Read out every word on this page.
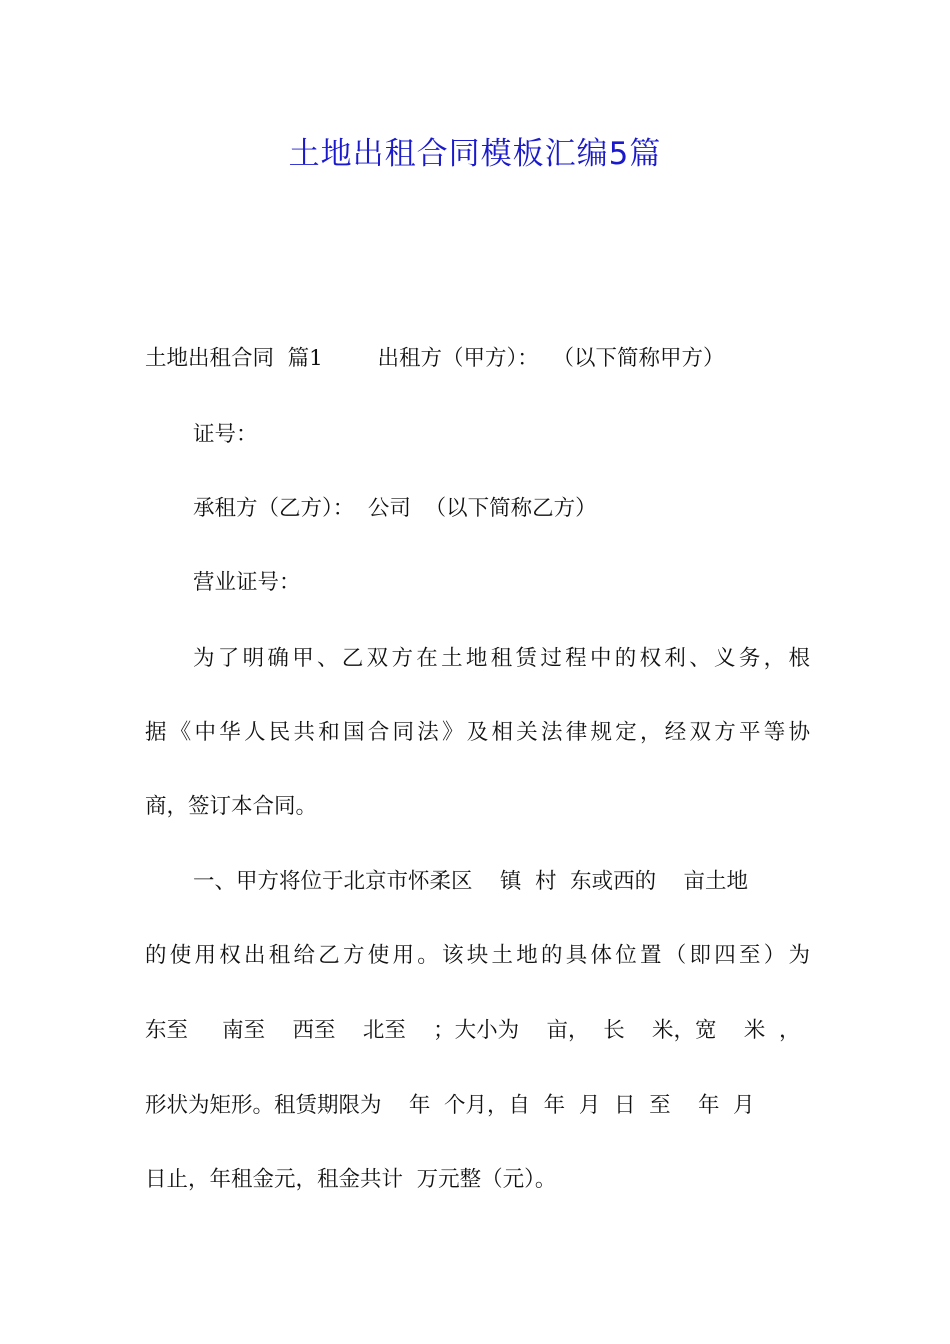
土地出租合同模板汇编5篇

土地出租合同  篇1        出租方（甲方）：  （以下简称甲方）

证号：

承租方（乙方）：  公司  （以下简称乙方）

营业证号：

为了明确甲、乙双方在土地租赁过程中的权利、义务，根

据《中华人民共和国合同法》及相关法律规定，经双方平等协

商，签订本合同。

一、甲方将位于北京市怀柔区    镇  村  东或西的    亩土地

的使用权出租给乙方使用。该块土地的具体位置（即四至）为

东至     南至    西至    北至    ；大小为    亩，  长    米，宽    米  ，

形状为矩形。租赁期限为    年  个月，自  年  月  日  至    年  月

日止，年租金元，租金共计  万元整（元）。
